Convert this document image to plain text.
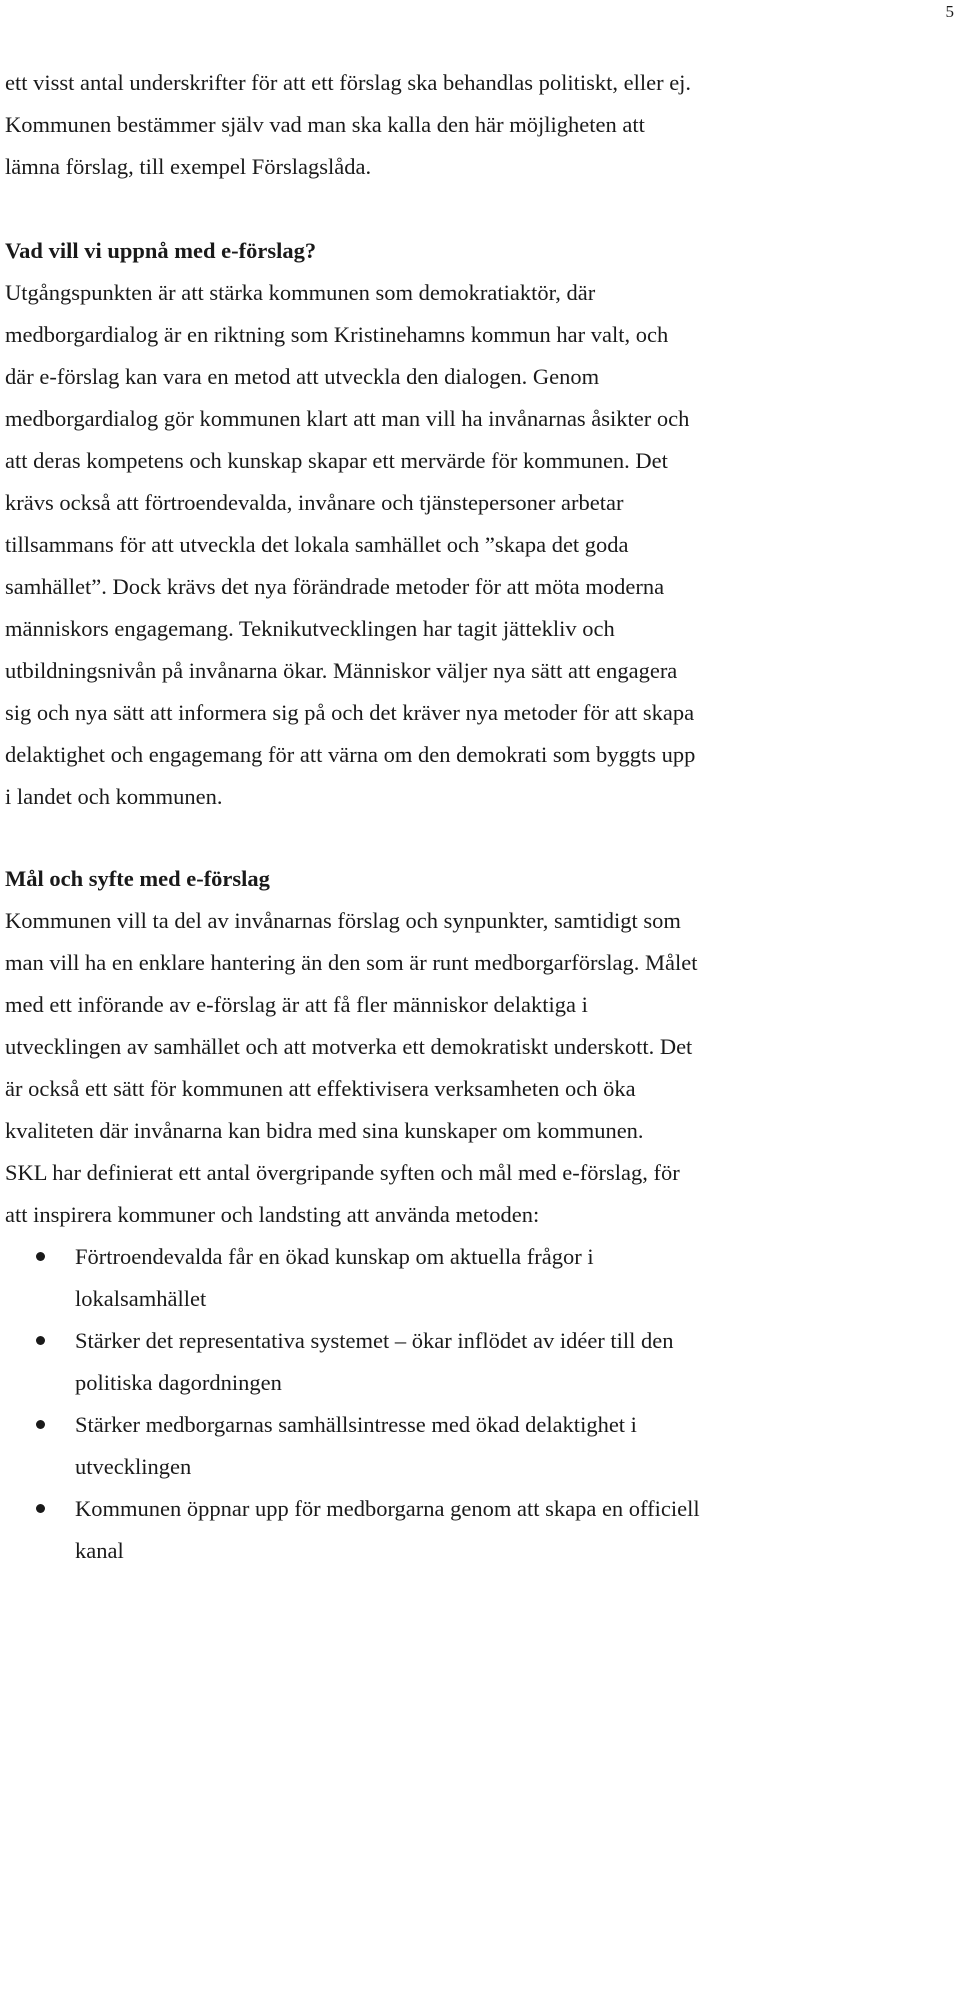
5

ett visst antal underskrifter för att ett förslag ska behandlas politiskt, eller ej.

Kommunen bestämmer själv vad man ska kalla den här möjligheten att

lämna förslag, till exempel Förslagslåda.

Vad vill vi uppnå med e-förslag?

Utgångspunkten är att stärka kommunen som demokratiaktör, där

medborgardialog är en riktning som Kristinehamns kommun har valt, och

där e-förslag kan vara en metod att utveckla den dialogen. Genom

medborgardialog gör kommunen klart att man vill ha invånarnas åsikter och

att deras kompetens och kunskap skapar ett mervärde för kommunen. Det

krävs också att förtroendevalda, invånare och tjänstepersoner arbetar

tillsammans för att utveckla det lokala samhället och ”skapa det goda

samhället”. Dock krävs det nya förändrade metoder för att möta moderna

människors engagemang. Teknikutvecklingen har tagit jättekliv och

utbildningsnivån på invånarna ökar. Människor väljer nya sätt att engagera

sig och nya sätt att informera sig på och det kräver nya metoder för att skapa

delaktighet och engagemang för att värna om den demokrati som byggts upp

i landet och kommunen.

Mål och syfte med e-förslag

Kommunen vill ta del av invånarnas förslag och synpunkter, samtidigt som

man vill ha en enklare hantering än den som är runt medborgarförslag. Målet

med ett införande av e-förslag är att få fler människor delaktiga i

utvecklingen av samhället och att motverka ett demokratiskt underskott. Det

är också ett sätt för kommunen att effektivisera verksamheten och öka

kvaliteten där invånarna kan bidra med sina kunskaper om kommunen.

SKL har definierat ett antal övergripande syften och mål med e-förslag, för

att inspirera kommuner och landsting att använda metoden:

Förtroendevalda får en ökad kunskap om aktuella frågor i
lokalsamhället
Stärker det representativa systemet – ökar inflödet av idéer till den
politiska dagordningen
Stärker medborgarnas samhällsintresse med ökad delaktighet i
utvecklingen
Kommunen öppnar upp för medborgarna genom att skapa en officiell
kanal
